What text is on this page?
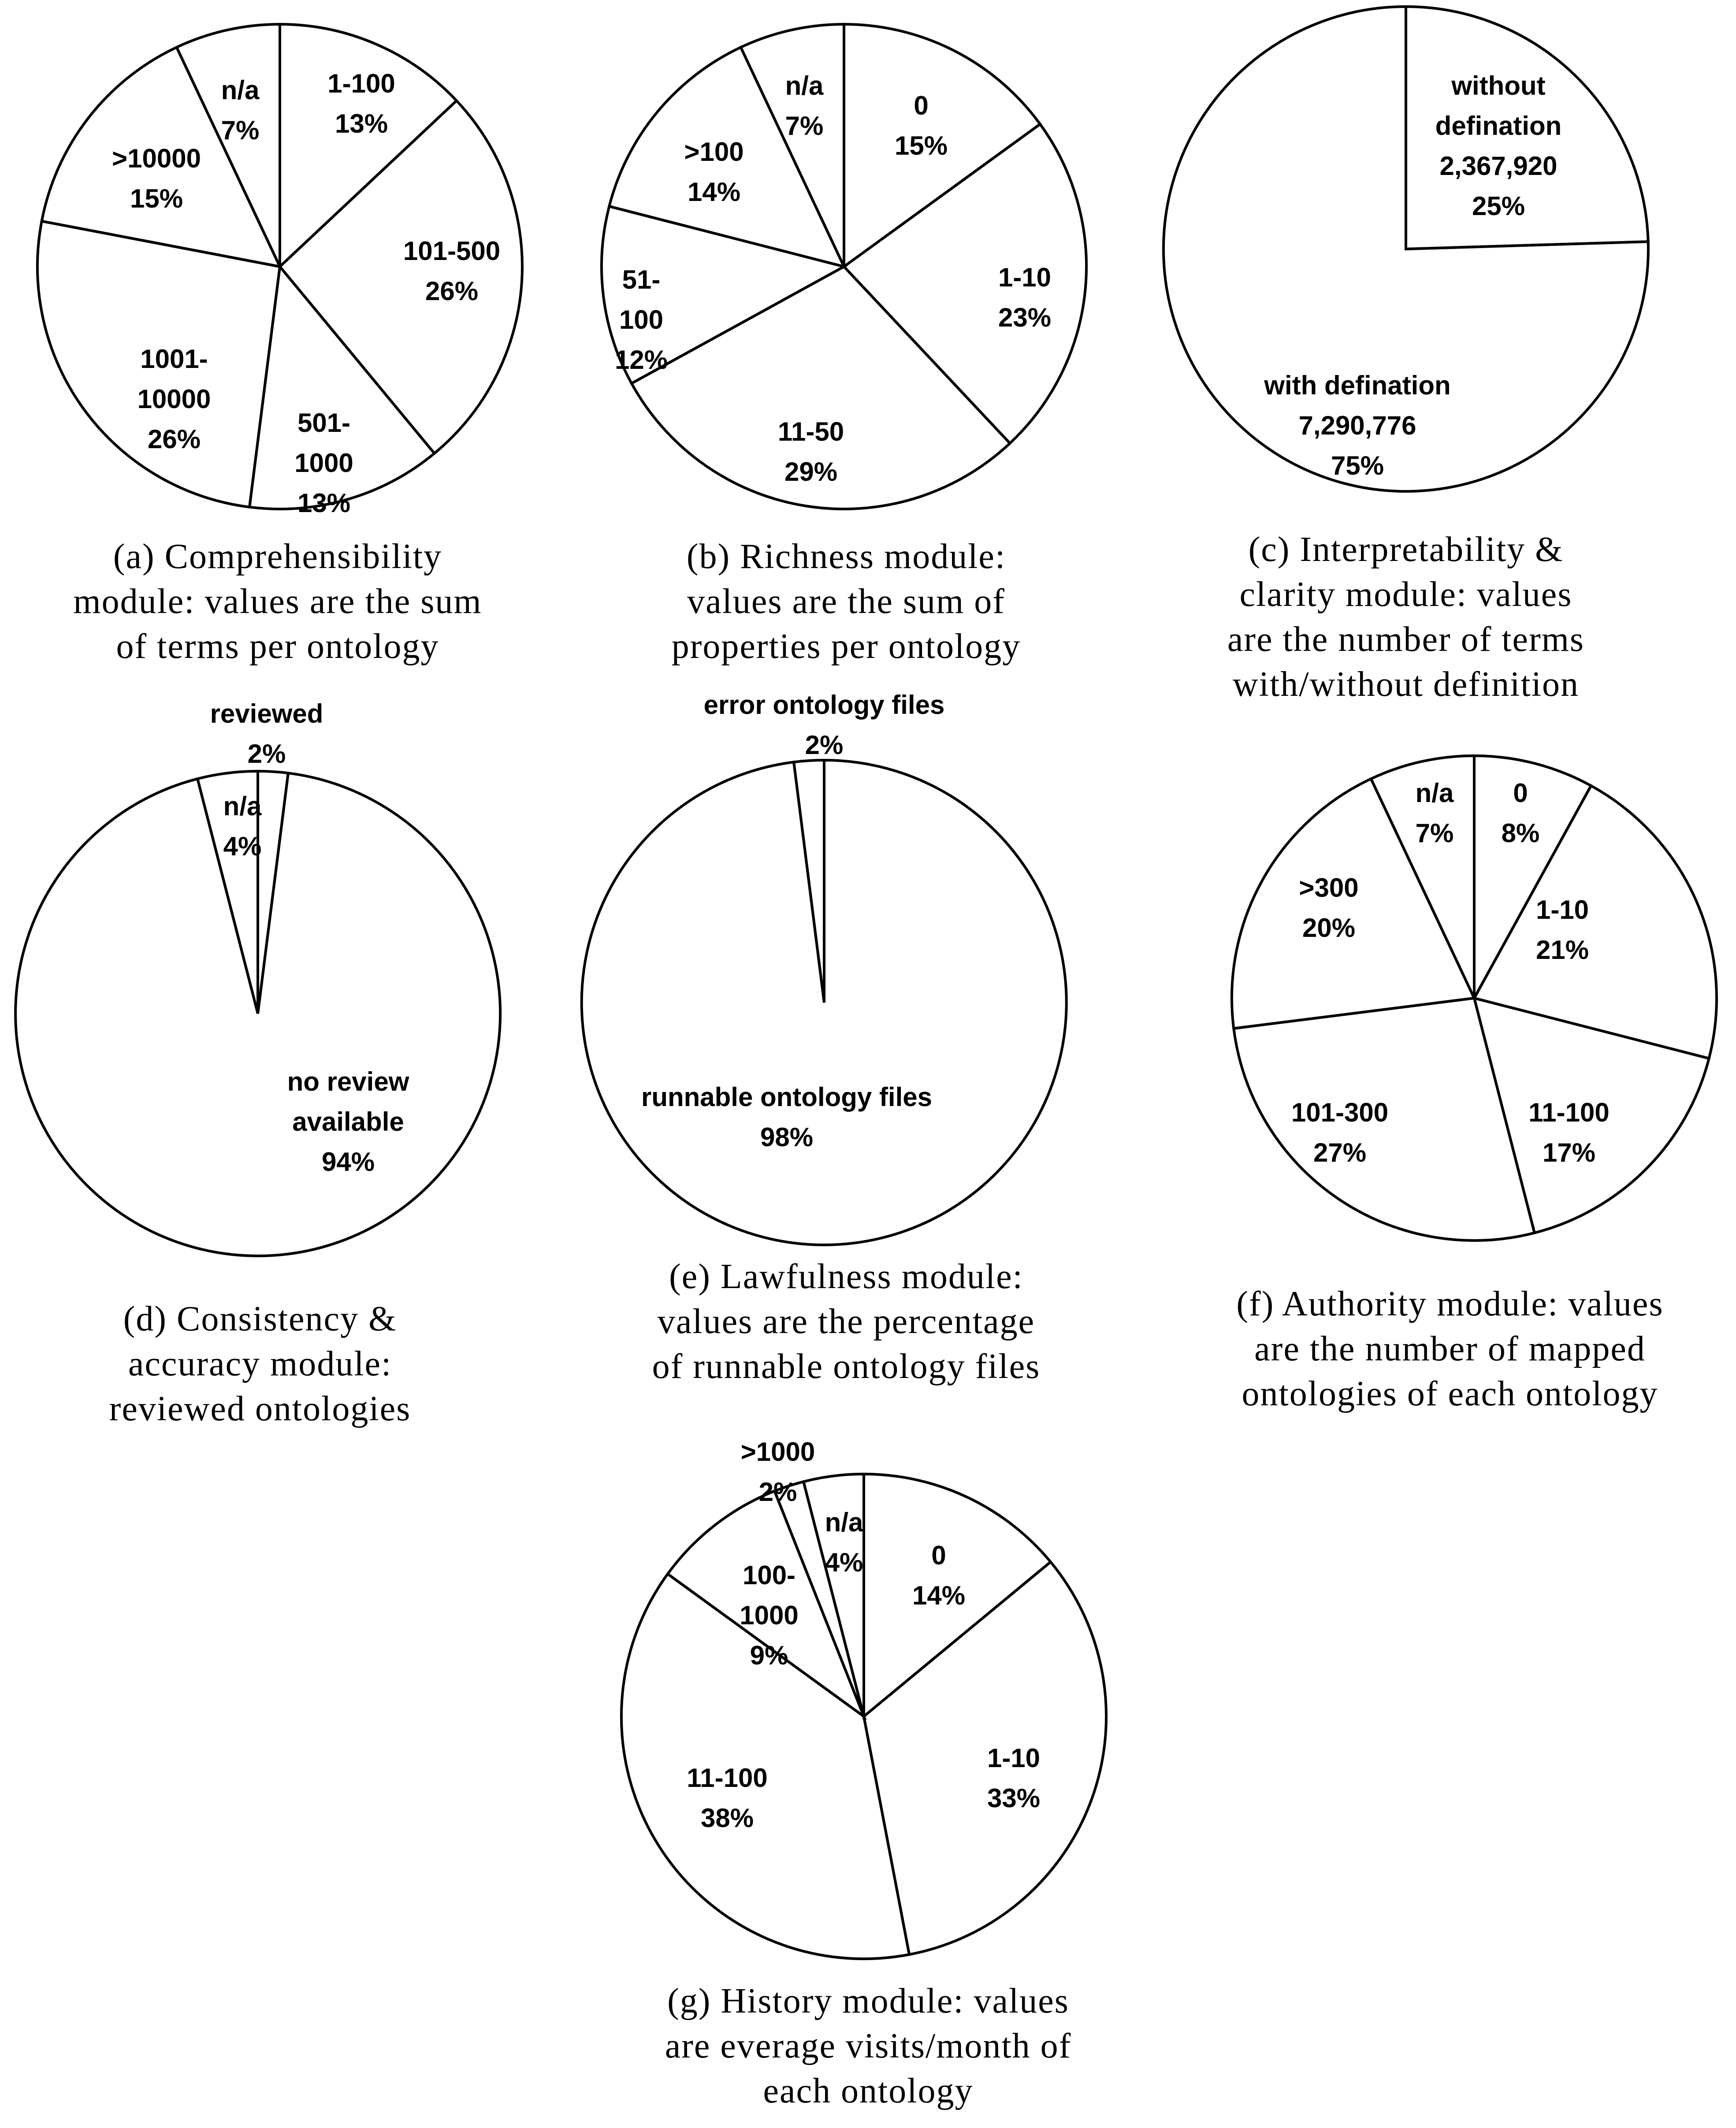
1-100 13%
101-500 26%
501-1000 13%
1001-10000 26%
>10000 15%
n/a 7%
0 15%
1-10 23%
11-50 29%
51-100 12%
>100 14%
n/a 7%
without defination 2,367,920 25%
with defination 7,290,776 75%
reviewed 2%
no review available 94%
n/a 4%
runnable ontology files 98%
error ontology files 2%
0 8%
1-10 21%
11-100 17%
101-300 27%
>300 20%
n/a 7%
0 14%
1-10 33%
11-100 38%
100-1000 9%
>1000 2%
n/a 4%
(a) Comprehensibility
module: values are the sum
of terms per ontology
(b) Richness module:
values are the sum of
properties per ontology
(c) Interpretability &
clarity module: values
are the number of terms
with/without definition
(d) Consistency &
accuracy module:
reviewed ontologies
(e) Lawfulness module:
values are the percentage
of runnable ontology files
(f) Authority module: values
are the number of mapped
ontologies of each ontology
(g) History module: values
are everage visits/month of
each ontology
